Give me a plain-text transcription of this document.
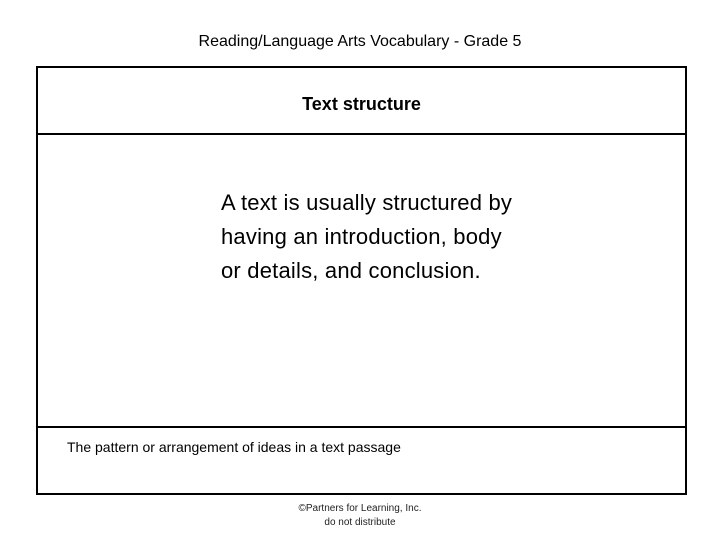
Reading/Language Arts Vocabulary - Grade 5
Text structure
A text is usually structured by having an introduction, body or details, and conclusion.
The pattern or arrangement of ideas in a text passage
©Partners for Learning, Inc.
do not distribute
